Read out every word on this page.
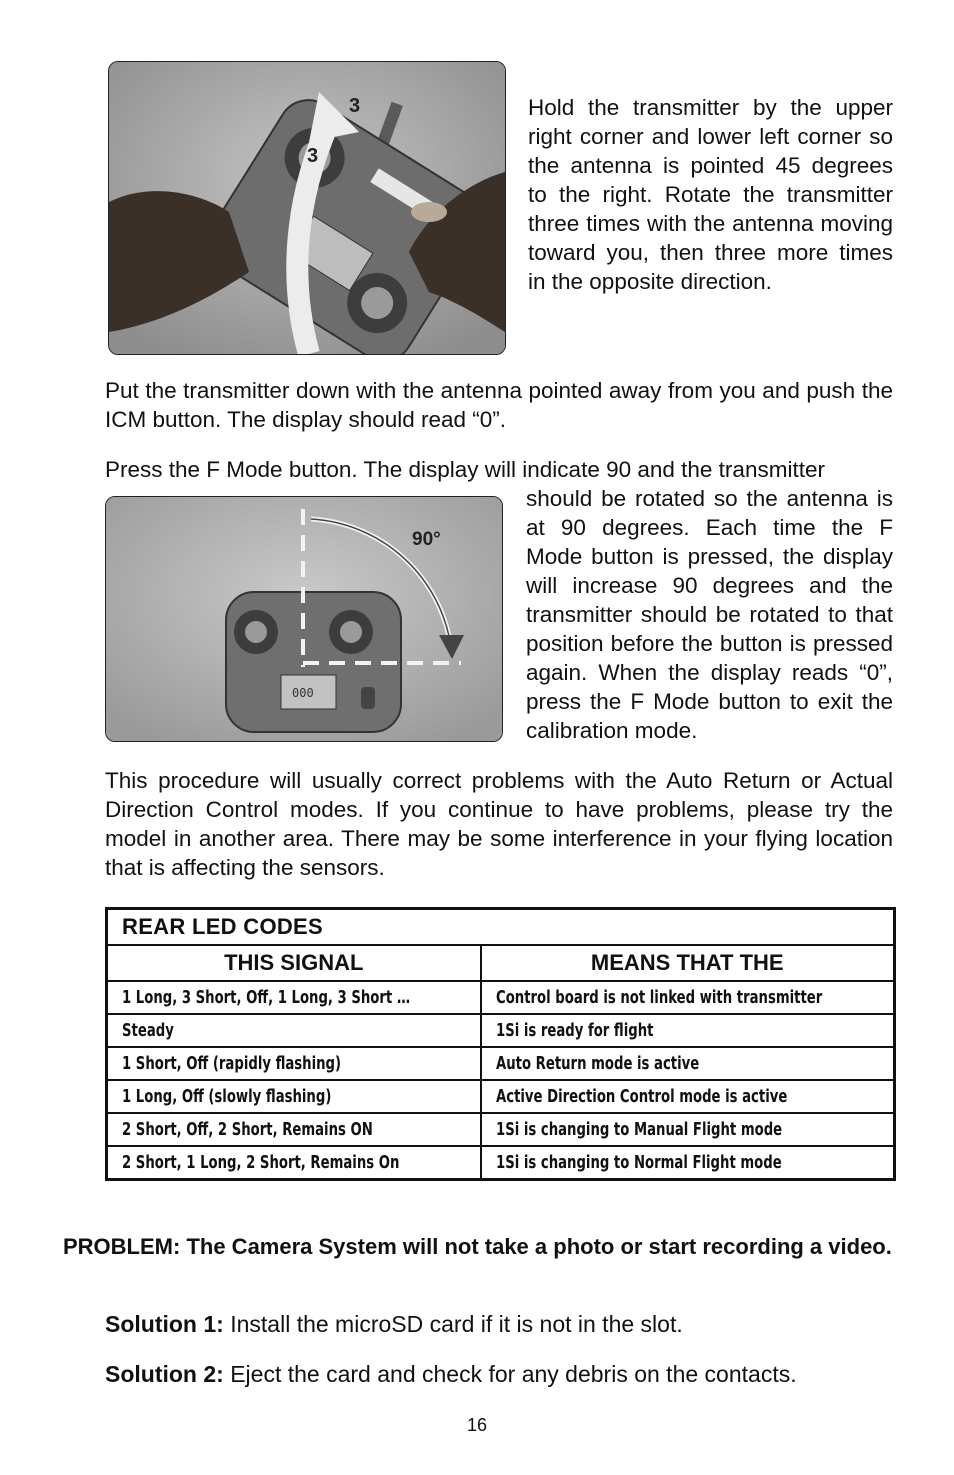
3
3

Hold the transmitter by the upper right corner and lower left corner so the antenna is pointed 45 degrees to the right. Rotate the transmitter three times with the antenna moving toward you, then three more times in the opposite direction.

Put the transmitter down with the antenna pointed away from you and push the ICM button. The display should read “0”.

Press the F Mode button. The display will indicate 90 and the transmitter

000
90°

should be rotated so the antenna is at 90 degrees. Each time the F Mode button is pressed, the display will increase 90 degrees and the transmitter should be rotated to that position before the button is pressed again. When the display reads “0”, press the F Mode button to exit the calibration mode.

This procedure will usually correct problems with the Auto Return or Actual Direction Control modes. If you continue to have problems, please try the model in another area. There may be some interference in your flying location that is affecting the sensors.

REAR LED CODES	
THIS SIGNAL	MEANS THAT THE
1 Long, 3 Short, Off, 1 Long, 3 Short …	Control board is not linked with transmitter
Steady	1Si is ready for flight
1 Short, Off (rapidly flashing)	Auto Return mode is active
1 Long, Off (slowly flashing)	Active Direction Control mode is active
2 Short, Off, 2 Short, Remains ON	1Si is changing to Manual Flight mode
2 Short, 1 Long, 2 Short, Remains On	1Si is changing to Normal Flight mode
PROBLEM: The Camera System will not take a photo or start recording a video.
Solution 1: Install the microSD card if it is not in the slot.
Solution 2: Eject the card and check for any debris on the contacts.
16
